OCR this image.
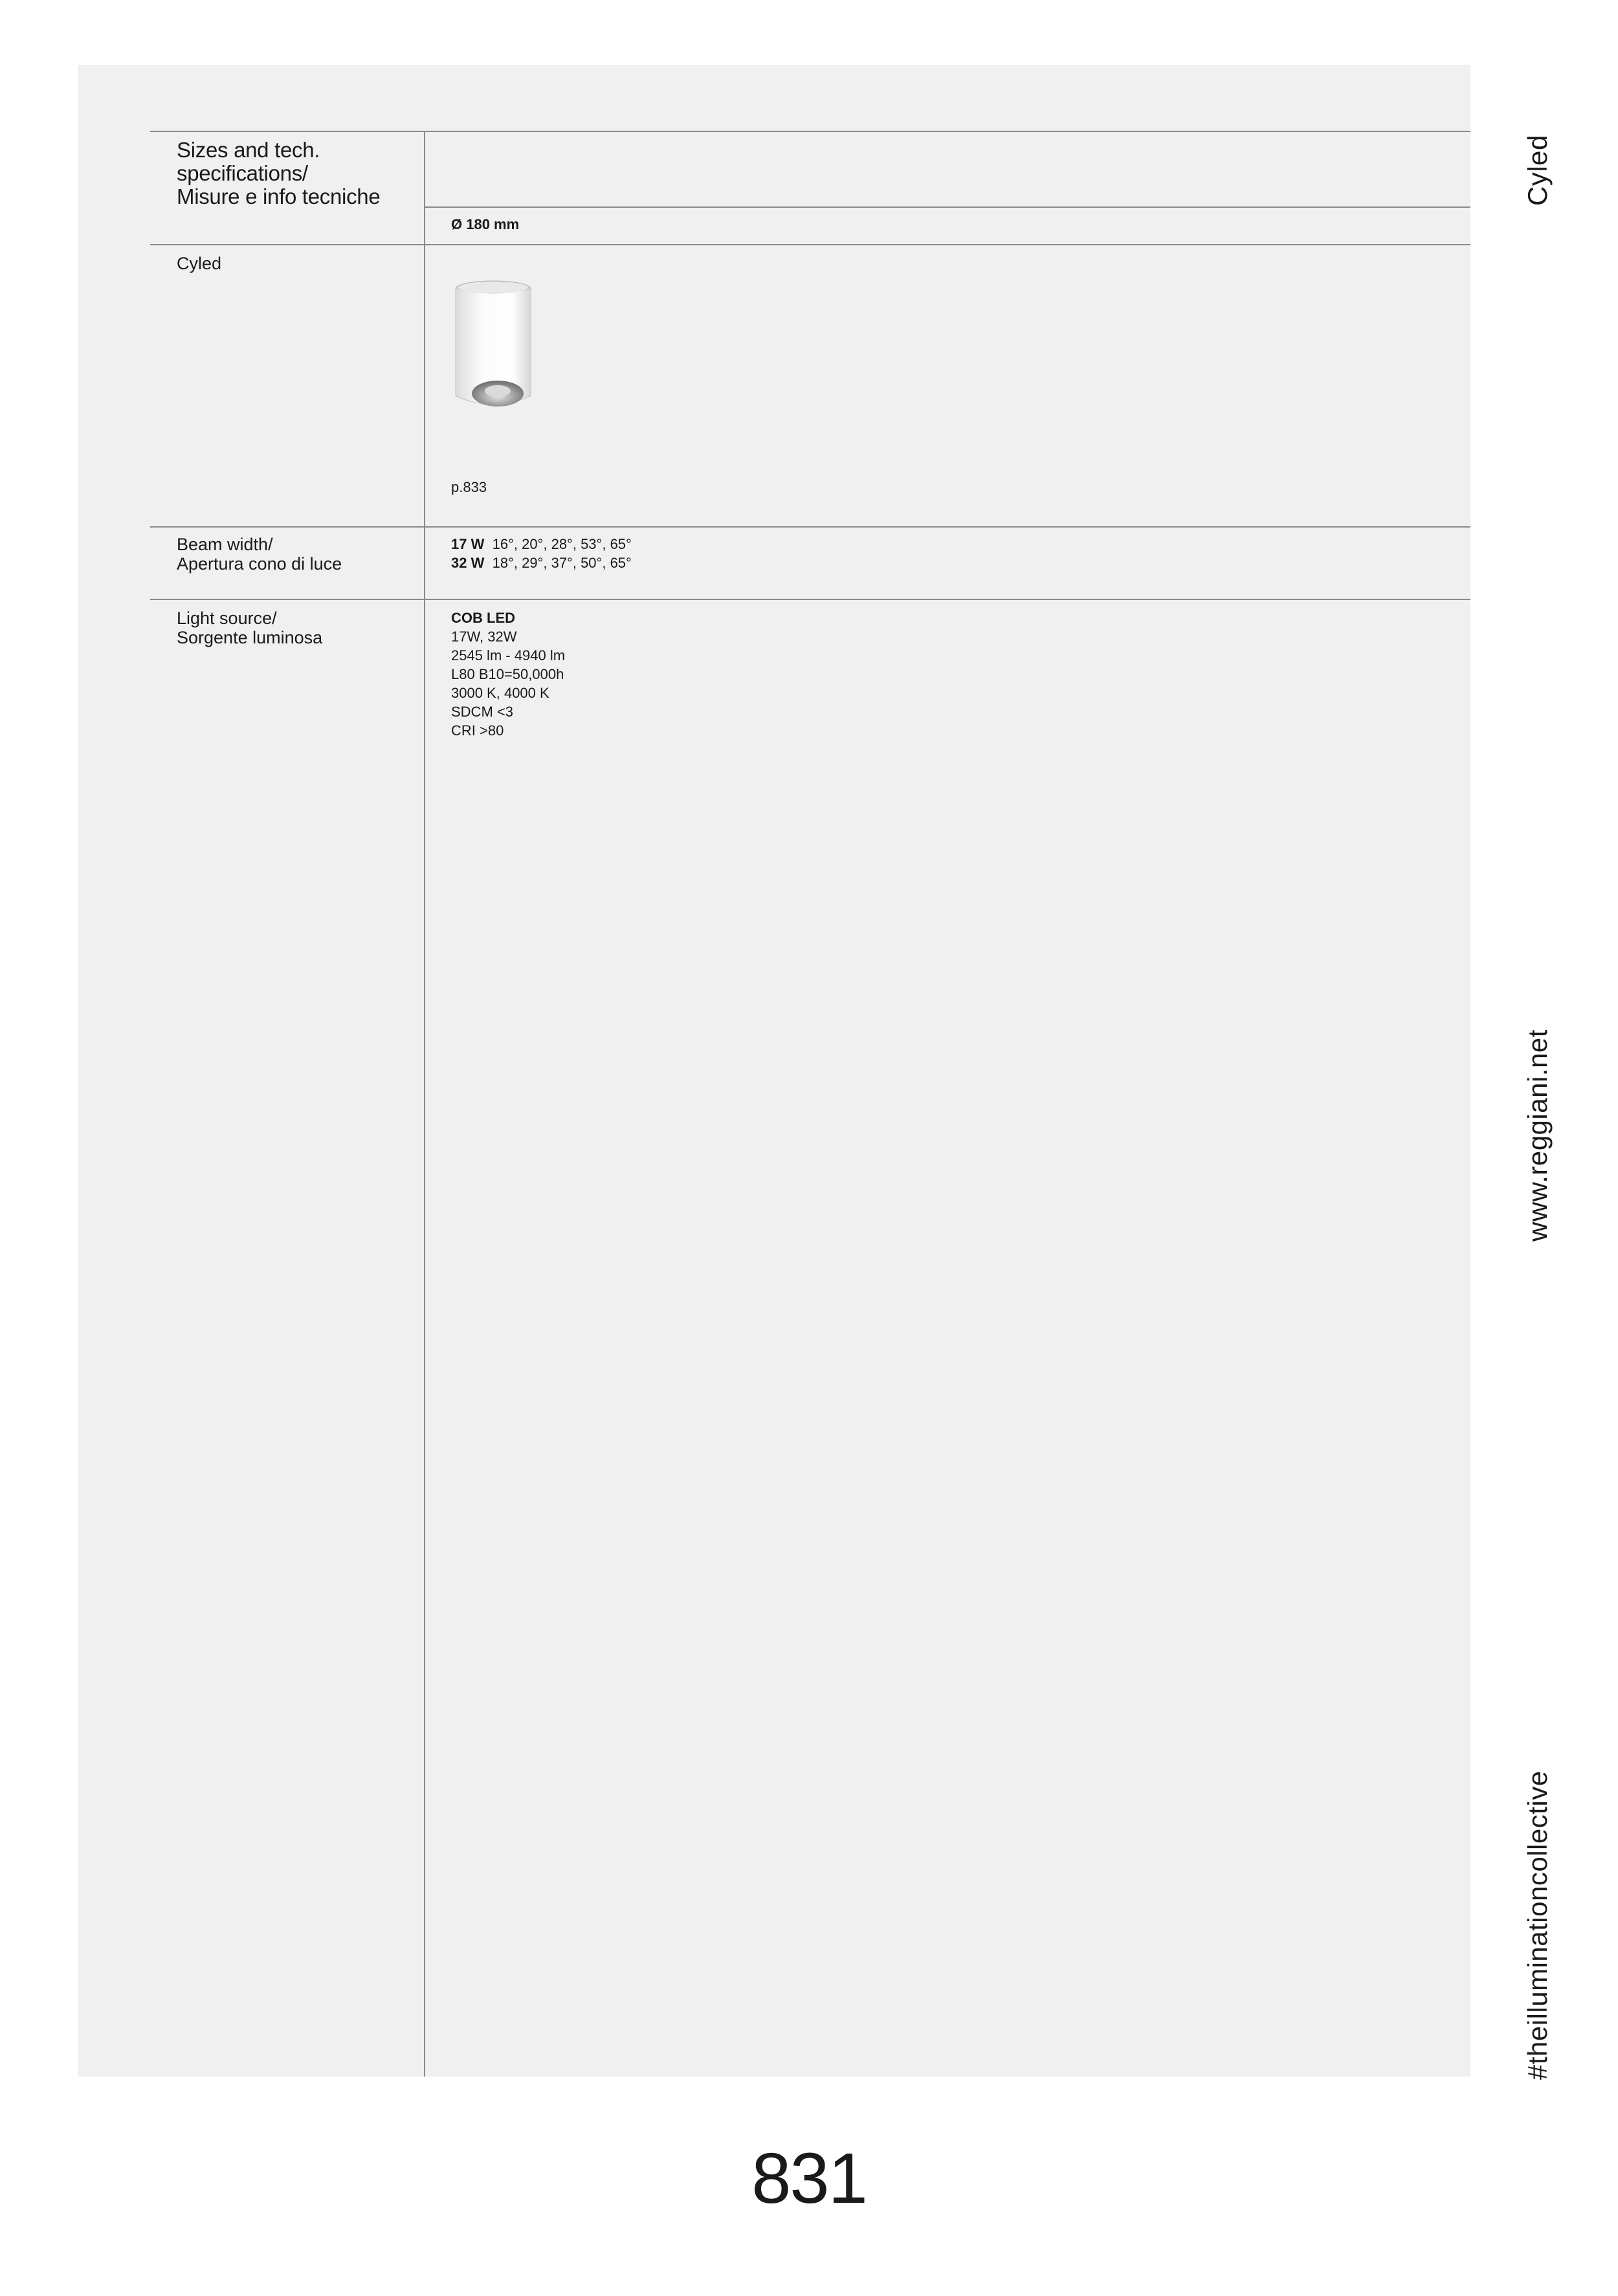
Sizes and tech.
specifications/
Misure e info tecniche
Ø 180 mm
Cyled
p.833
Beam width/
Apertura cono di luce
17 W 16°, 20°, 28°, 53°, 65°
32 W 18°, 29°, 37°, 50°, 65°
Light source/
Sorgente luminosa
COB LED
17W, 32W
2545 lm - 4940 lm
L80 B10=50,000h
3000 K, 4000 K
SDCM <3
CRI >80
Cyled
www.reggiani.net
#theilluminationcollective
831
